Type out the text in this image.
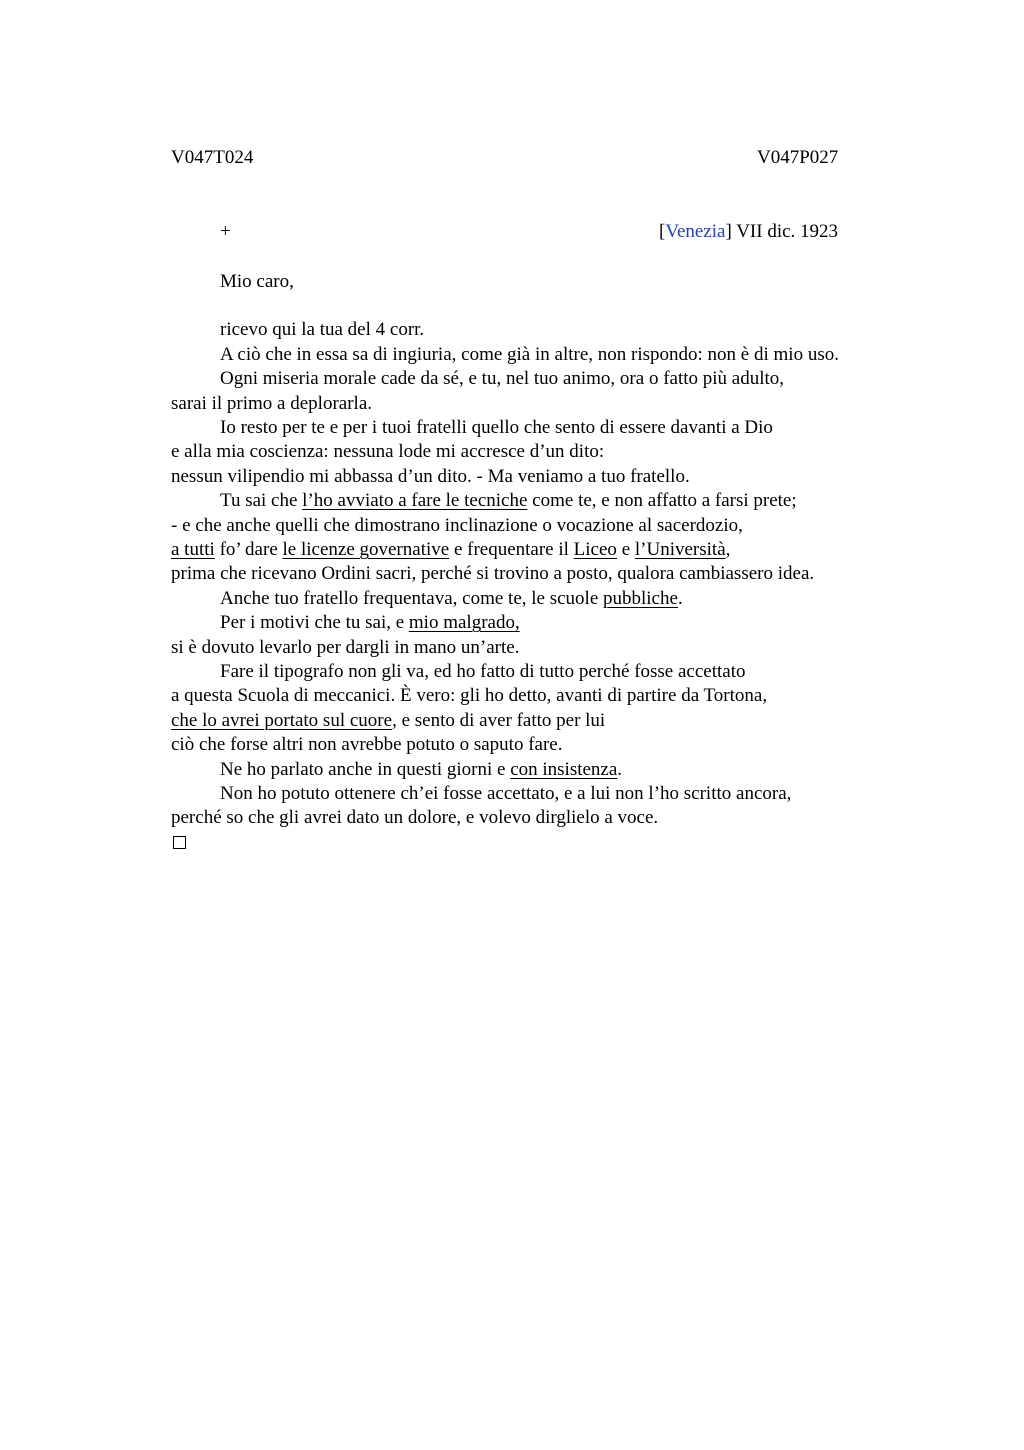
V047T024	V047P027
+	[Venezia] VII dic. 1923
Mio caro,
ricevo qui la tua del 4 corr.
A ciò che in essa sa di ingiuria, come già in altre, non rispondo: non è di mio uso.
Ogni miseria morale cade da sé, e tu, nel tuo animo, ora o fatto più adulto,
sarai il primo a deplorarla.
Io resto per te e per i tuoi fratelli quello che sento di essere davanti a Dio
e alla mia coscienza: nessuna lode mi accresce d’un dito:
nessun vilipendio mi abbassa d’un dito. - Ma veniamo a tuo fratello.
Tu sai che l’ho avviato a fare le tecniche come te, e non affatto a farsi prete;
- e che anche quelli che dimostrano inclinazione o vocazione al sacerdozio,
a tutti fo’ dare le licenze governative e frequentare il Liceo e l’Università,
prima che ricevano Ordini sacri, perché si trovino a posto, qualora cambiassero idea.
Anche tuo fratello frequentava, come te, le scuole pubbliche.
Per i motivi che tu sai, e mio malgrado,
si è dovuto levarlo per dargli in mano un’arte.
Fare il tipografo non gli va, ed ho fatto di tutto perché fosse accettato
a questa Scuola di meccanici. È vero: gli ho detto, avanti di partire da Tortona,
che lo avrei portato sul cuore, e sento di aver fatto per lui
ciò che forse altri non avrebbe potuto o saputo fare.
Ne ho parlato anche in questi giorni e con insistenza.
Non ho potuto ottenere ch’ei fosse accettato, e a lui non l’ho scritto ancora,
perché so che gli avrei dato un dolore, e volevo dirglielo a voce.
